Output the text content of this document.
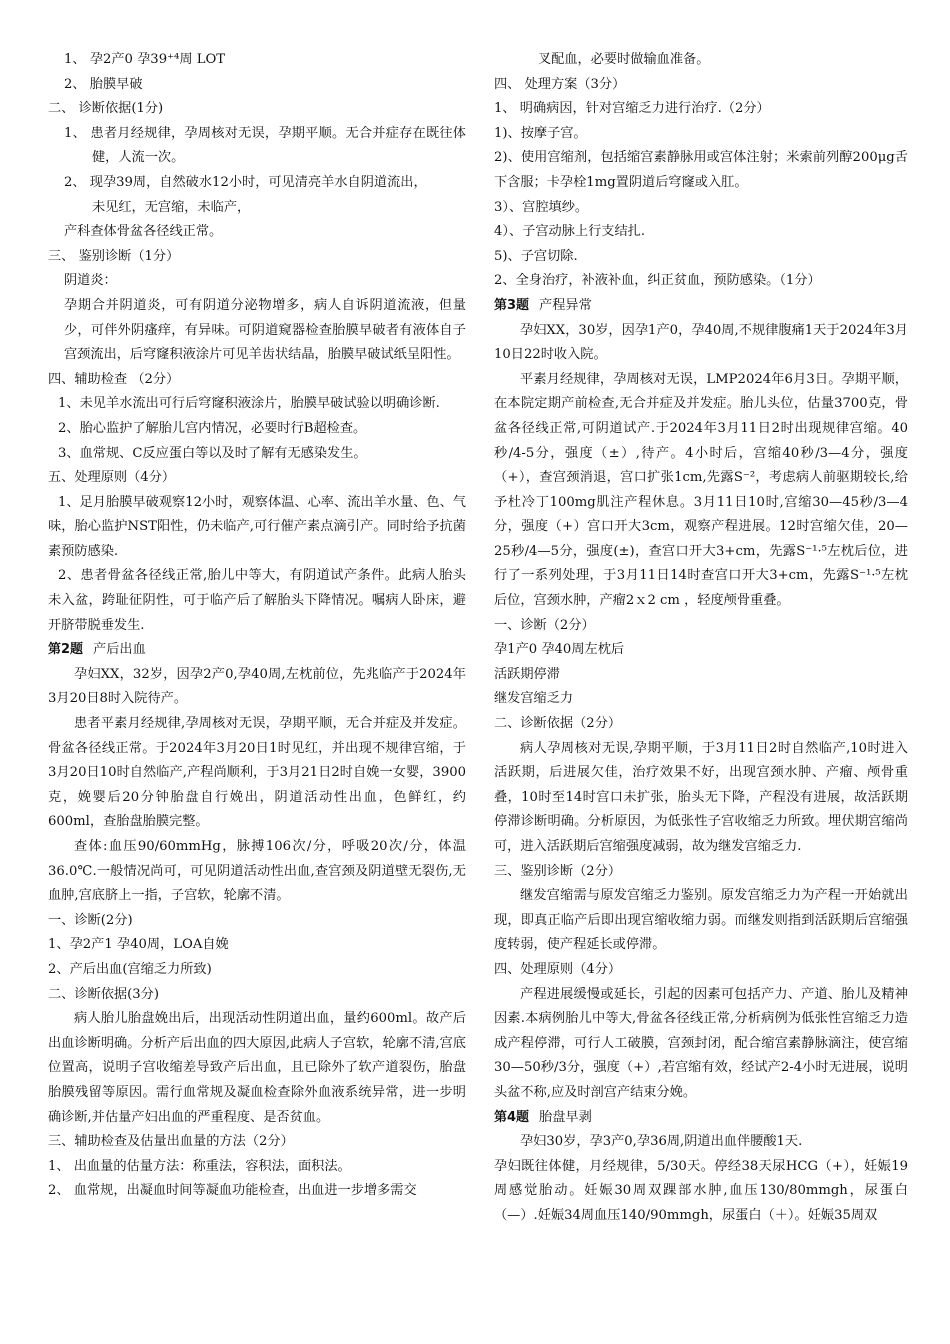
1、 孕2产0 孕39⁺⁴周 LOT

2、 胎膜早破

二、 诊断依据(1分)

1、 患者月经规律，孕周核对无误，孕期平顺。无合并症存在既往体健，人流一次。

2、 现孕39周，自然破水12小时，可见清亮羊水自阴道流出，

未见红，无宫缩，未临产，

产科查体骨盆各径线正常。

三、 鉴别诊断（1分）

阴道炎：

孕期合并阴道炎，可有阴道分泌物增多，病人自诉阴道流液，但量少，可伴外阴瘙痒，有异味。可阴道窥器检查胎膜早破者有液体自子宫颈流出，后穹窿积液涂片可见羊齿状结晶，胎膜早破试纸呈阳性。

四、辅助检查 （2分）

1、未见羊水流出可行后穹窿积液涂片，胎膜早破试验以明确诊断.

2、胎心监护了解胎儿宫内情况，必要时行B超检查。

3、血常规、C反应蛋白等以及时了解有无感染发生。

五、处理原则（4分）

1、足月胎膜早破观察12小时，观察体温、心率、流出羊水量、色、气味，胎心监护NST阳性，仍未临产,可行催产素点滴引产。同时给予抗菌素预防感染.

2、患者骨盆各径线正常,胎儿中等大，有阴道试产条件。此病人胎头未入盆，跨耻征阴性，可于临产后了解胎头下降情况。嘱病人卧床，避开脐带脱垂发生.

第2题 产后出血

孕妇XX，32岁，因孕2产0,孕40周,左枕前位，先兆临产于2024年3月20日8时入院待产。

患者平素月经规律,孕周核对无误，孕期平顺，无合并症及并发症。骨盆各径线正常。于2024年3月20日1时见红，并出现不规律宫缩，于3月20日10时自然临产,产程尚顺利，于3月21日2时自娩一女婴，3900克，娩婴后20分钟胎盘自行娩出，阴道活动性出血，色鲜红，约600ml，查胎盘胎膜完整。

查体:血压90/60mmHg，脉搏106次/分，呼吸20次/分，体温36.0℃.一般情况尚可，可见阴道活动性出血,查宫颈及阴道壁无裂伤,无血肿,宫底脐上一指，子宫软，轮廓不清。

一、诊断(2分)

1、孕2产1 孕40周，LOA自娩

2、产后出血(宫缩乏力所致)

二、诊断依据(3分)

病人胎儿胎盘娩出后，出现活动性阴道出血，量约600ml。故产后出血诊断明确。分析产后出血的四大原因,此病人子宫软，轮廓不清,宫底位置高，说明子宫收缩差导致产后出血，且已除外了软产道裂伤，胎盘胎膜残留等原因。需行血常规及凝血检查除外血液系统异常，进一步明确诊断,并估量产妇出血的严重程度、是否贫血。

三、辅助检查及估量出血量的方法（2分）

1、 出血量的估量方法：称重法，容积法，面积法。

2、 血常规，出凝血时间等凝血功能检查，出血进一步增多需交

叉配血，必要时做输血准备。

四、 处理方案（3分）

1、 明确病因，针对宫缩乏力进行治疗.（2分）

1)、按摩子宫。

2)、使用宫缩剂，包括缩宫素静脉用或宫体注射；米索前列醇200μg舌下含服；卡孕栓1mg置阴道后穹窿或入肛。

3）、宫腔填纱。

4）、子宫动脉上行支结扎.

5)、子宫切除.

2、全身治疗，补液补血，纠正贫血，预防感染。（1分）

第3题 产程异常

孕妇XX，30岁，因孕1产0，孕40周,不规律腹痛1天于2024年3月10日22时收入院。

平素月经规律，孕周核对无误，LMP2024年6月3日。孕期平顺，在本院定期产前检查,无合并症及并发症。胎儿头位，估量3700克，骨盆各径线正常,可阴道试产.于2024年3月11日2时出现规律宫缩。40秒/4-5分，强度（±）,待产。4小时后，宫缩40秒/3—4分，强度（+），查宫颈消退，宫口扩张1cm,先露S⁻²，考虑病人前驱期较长,给予杜冷丁100mg肌注产程休息。3月11日10时,宫缩30—45秒/3—4分，强度（+）宫口开大3cm，观察产程进展。12时宫缩欠佳，20—25秒/4—5分，强度(±)，查宫口开大3+cm，先露S⁻¹·⁵左枕后位，进行了一系列处理，于3月11日14时查宫口开大3+cm，先露S⁻¹·⁵左枕后位，宫颈水肿，产瘤2ｘ2 cm ，轻度颅骨重叠。

一、诊断（2分）

孕1产0 孕40周左枕后

活跃期停滞

继发宫缩乏力

二、诊断依据（2分）

病人孕周核对无误,孕期平顺，于3月11日2时自然临产,10时进入活跃期，后进展欠佳，治疗效果不好，出现宫颈水肿、产瘤、颅骨重叠，10时至14时宫口未扩张，胎头无下降，产程没有进展，故活跃期停滞诊断明确。分析原因，为低张性子宫收缩乏力所致。埋伏期宫缩尚可，进入活跃期后宫缩强度减弱，故为继发宫缩乏力.

三、鉴别诊断（2分）

继发宫缩需与原发宫缩乏力鉴别。原发宫缩乏力为产程一开始就出现，即真正临产后即出现宫缩收缩力弱。而继发则指到活跃期后宫缩强度转弱，使产程延长或停滞。

四、处理原则（4分）

产程进展缓慢或延长，引起的因素可包括产力、产道、胎儿及精神因素.本病例胎儿中等大,骨盆各径线正常,分析病例为低张性宫缩乏力造成产程停滞，可行人工破膜，宫颈封闭，配合缩宫素静脉滴注，使宫缩30—50秒/3分，强度（+）,若宫缩有效，经试产2-4小时无进展，说明头盆不称,应及时剖宫产结束分娩。

第4题 胎盘早剥

孕妇30岁，孕3产0,孕36周,阴道出血伴腰酸1天.

孕妇既往体健，月经规律，5/30天。停经38天尿HCG（+），妊娠19周感觉胎动。妊娠30周双踝部水肿,血压130/80mmgh，尿蛋白（—）.妊娠34周血压140/90mmgh，尿蛋白（＋）。妊娠35周双
